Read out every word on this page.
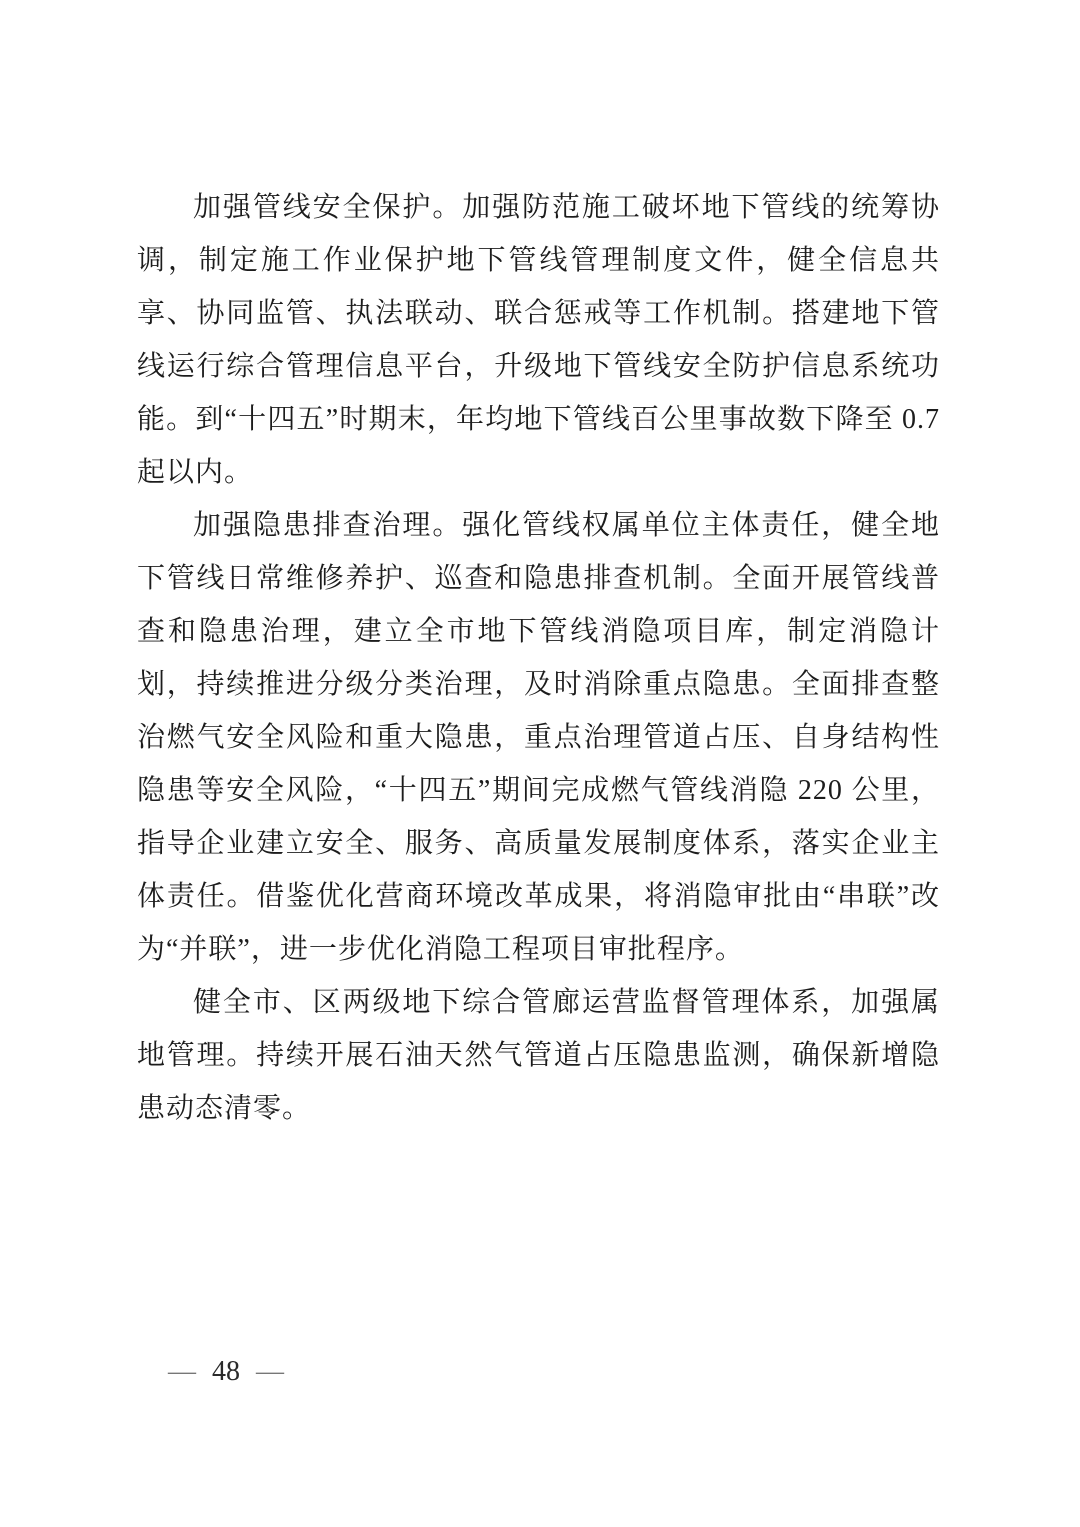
加强管线安全保护。加强防范施工破坏地下管线的统筹协调，制定施工作业保护地下管线管理制度文件，健全信息共享、协同监管、执法联动、联合惩戒等工作机制。搭建地下管线运行综合管理信息平台，升级地下管线安全防护信息系统功能。到“十四五”时期末，年均地下管线百公里事故数下降至 0.7 起以内。

加强隐患排查治理。强化管线权属单位主体责任，健全地下管线日常维修养护、巡查和隐患排查机制。全面开展管线普查和隐患治理，建立全市地下管线消隐项目库，制定消隐计划，持续推进分级分类治理，及时消除重点隐患。全面排查整治燃气安全风险和重大隐患，重点治理管道占压、自身结构性隐患等安全风险，“十四五”期间完成燃气管线消隐 220 公里，指导企业建立安全、服务、高质量发展制度体系，落实企业主体责任。借鉴优化营商环境改革成果，将消隐审批由“串联”改为“并联”，进一步优化消隐工程项目审批程序。

健全市、区两级地下综合管廊运营监督管理体系，加强属地管理。持续开展石油天然气管道占压隐患监测，确保新增隐患动态清零。

— 48 —
